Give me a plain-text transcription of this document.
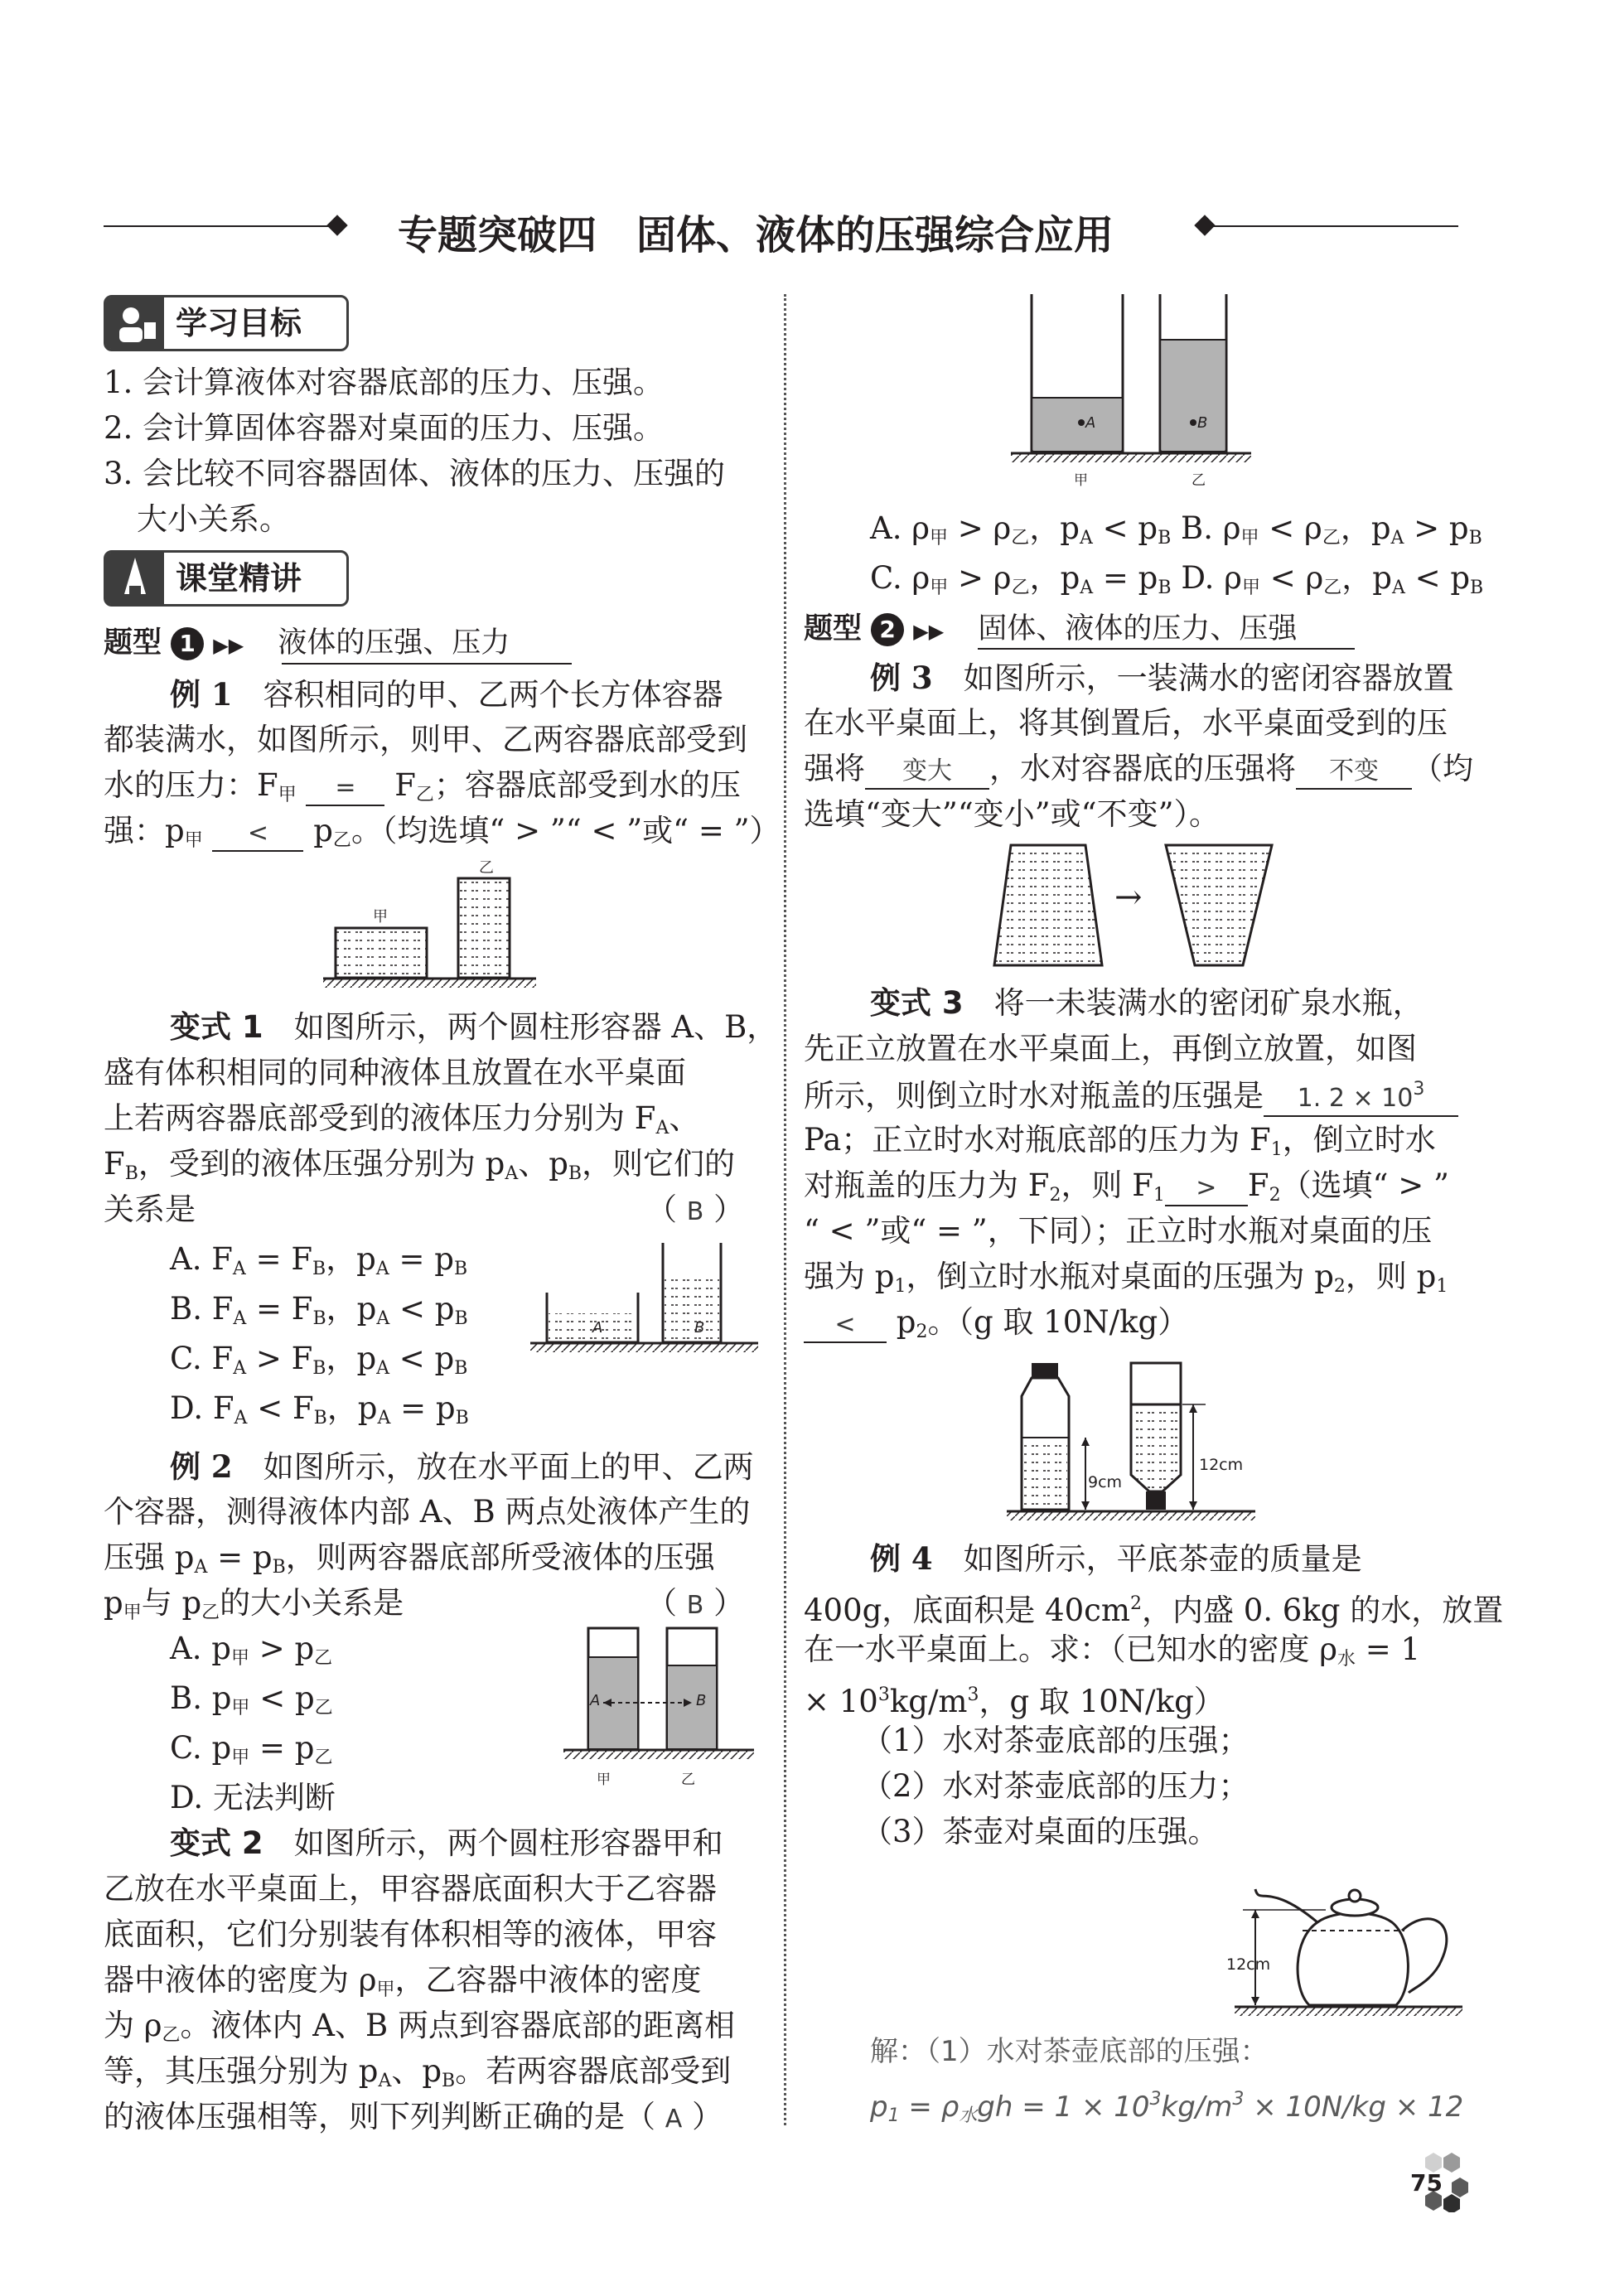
专题突破四　固体、液体的压强综合应用
学习目标
1. 会计算液体对容器底部的压力、压强。
2. 会计算固体容器对桌面的压力、压强。
3. 会比较不同容器固体、液体的压力、压强的
大小关系。
课堂精讲
题型 1 ▶▶ 液体的压强、压力
例 1　 容积相同的甲、乙两个长方体容器
都装满水，如图所示，则甲、乙两容器底部受到
水的压力：$F_甲 = F_乙$；容器底部受到水的压
强：$p_甲 < p_乙$。（均选填“ > ”“ < ”或“ = ”）
甲
乙
变式 1　 如图所示，两个圆柱形容器 A、B，
盛有体积相同的同种液体且放置在水平桌面
上若两容器底部受到的液体压力分别为 $F_A$、
$F_B$，受到的液体压强分别为 $p_A$、$p_B$，则它们的
关系是	（ B ）
A. $F_A = F_B$，$p_A = p_B$
B. $F_A = F_B$，$p_A < p_B$
C. $F_A > F_B$，$p_A < p_B$
D. $F_A < F_B$，$p_A = p_B$
A	B
例 2　 如图所示，放在水平面上的甲、乙两
个容器，测得液体内部 A、B 两点处液体产生的
压强 $p_A = p_B$，则两容器底部所受液体的压强
$p_甲$与 $p_乙$的大小关系是	（ B ）
A. $p_甲 > p_乙$
B. $p_甲 < p_乙$
C. $p_甲 = p_乙$
D. 无法判断
A	B
甲	乙
变式 2　 如图所示，两个圆柱形容器甲和
乙放在水平桌面上，甲容器底面积大于乙容器
底面积，它们分别装有体积相等的液体，甲容
器中液体的密度为 $\rho_甲$，乙容器中液体的密度
为 $\rho_乙$。液体内 A、B 两点到容器底部的距离相
等，其压强分别为 $p_A$、$p_B$。若两容器底部受到
的液体压强相等，则下列判断正确的是（ A ）
A	B
甲	乙
A. $\rho_甲 > \rho_乙$，$p_A < p_B$ B. $\rho_甲 < \rho_乙$，$p_A > p_B$
C. $\rho_甲 > \rho_乙$，$p_A = p_B$ D. $\rho_甲 < \rho_乙$，$p_A < p_B$
题型 2 ▶▶ 固体、液体的压力、压强
例 3　 如图所示，一装满水的密闭容器放置
在水平桌面上，将其倒置后，水平桌面受到的压
强将 变大 ，水对容器底的压强将 不变 （均
选填“变大”“变小”或“不变”）。
→
变式 3　 将一未装满水的密闭矿泉水瓶，
先正立放置在水平桌面上，再倒立放置，如图
所示，则倒立时水对瓶盖的压强是 1. $2 \times 10^3$
Pa；正立时水对瓶底部的压力为 $F_1$，倒立时水
对瓶盖的压力为 $F_2$，则 $F_1 > F_2$（选填“ > ”
“ < ”或“ = ”，下同）；正立时水瓶对桌面的压
强为 $p_1$，倒立时水瓶对桌面的压强为 $p_2$，则 $p_1$
< $p_2$。（g 取 10N/kg）
9cm
12cm
例 4　 如图所示，平底茶壶的质量是
400g，底面积是 $40cm^2$，内盛 0. 6kg 的水，放置
在一水平桌面上。求：（已知水的密度 $\rho_水 = 1$
× $10^3kg/m^3$，g 取 10N/kg）
（1）水对茶壶底部的压强；
（2）水对茶壶底部的压力；
（3）茶壶对桌面的压强。
12cm
解：（1）水对茶壶底部的压强：
$p_1 = \rho_水gh = 1 \times 10^3kg/m^3 \times 10N/kg \times 12$
75
